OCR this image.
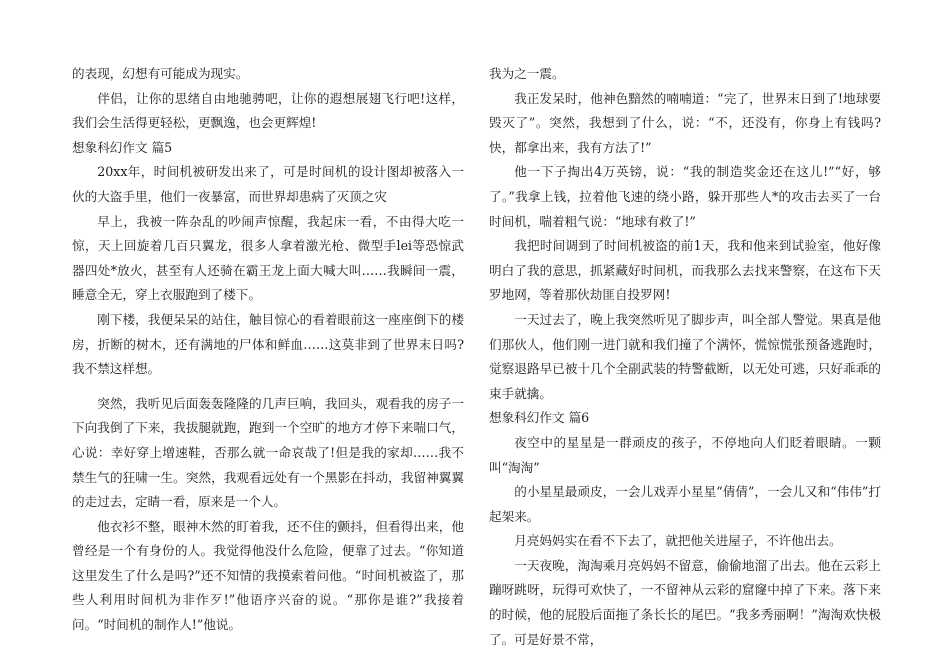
的表现，幻想有可能成为现实。

伴侣，让你的思绪自由地驰骋吧，让你的遐想展翅飞行吧!这样，我们会生活得更轻松，更飘逸，也会更辉煌!

想象科幻作文 篇5

20xx年，时间机被研发出来了，可是时间机的设计图却被落入一伙的大盗手里，他们一夜暴富，而世界却患病了灭顶之灾

早上，我被一阵杂乱的吵闹声惊醒，我起床一看，不由得大吃一惊，天上回旋着几百只翼龙，很多人拿着激光枪、微型手lei等恐惊武器四处*放火，甚至有人还骑在霸王龙上面大喊大叫……我瞬间一震，睡意全无，穿上衣服跑到了楼下。

刚下楼，我便呆呆的站住，触目惊心的看着眼前这一座座倒下的楼房，折断的树木，还有满地的尸体和鲜血……这莫非到了世界末日吗?我不禁这样想。

突然，我听见后面轰轰隆隆的几声巨响，我回头，观看我的房子一下向我倒了下来，我拔腿就跑，跑到一个空旷的地方才停下来喘口气，心说：幸好穿上增速鞋，否那么就一命哀哉了!但是我的家却……我不禁生气的狂啸一生。突然，我观看远处有一个黑影在抖动，我留神翼翼的走过去，定睛一看，原来是一个人。

他衣衫不整，眼神木然的盯着我，还不住的颤抖，但看得出来，他曾经是一个有身份的人。我觉得他没什么危险，便靠了过去。“你知道这里发生了什么是吗?”还不知情的我摸索着问他。“时间机被盗了，那些人利用时间机为非作歹!”他语序兴奋的说。“那你是谁?”我接着问。“时间机的制作人!”他说。

我为之一震。

我正发呆时，他神色黯然的喃喃道：“完了，世界末日到了!地球要毁灭了”。突然，我想到了什么，说：“不，还没有，你身上有钱吗?快，都拿出来，我有方法了!”

他一下子掏出4万英镑，说：“我的制造奖金还在这儿!”“好，够了。”我拿上钱，拉着他飞速的绕小路，躲开那些人*的攻击去买了一台时间机，喘着粗气说：“地球有救了!”

我把时间调到了时间机被盗的前1天，我和他来到试验室，他好像明白了我的意思，抓紧藏好时间机，而我那么去找来警察，在这布下天罗地网，等着那伙劫匪自投罗网!

一天过去了，晚上我突然听见了脚步声，叫全部人警觉。果真是他们那伙人，他们刚一进门就和我们撞了个满怀，慌惊慌张预备逃跑时，觉察退路早已被十几个全副武装的特警截断，以无处可逃，只好乖乖的束手就擒。

想象科幻作文 篇6

夜空中的星星是一群顽皮的孩子，不停地向人们眨着眼睛。一颗叫“淘淘”

的小星星最顽皮，一会儿戏弄小星星“倩倩”，一会儿又和“伟伟”打起架来。

月亮妈妈实在看不下去了，就把他关进屋子，不许他出去。

一天夜晚，淘淘乘月亮妈妈不留意，偷偷地溜了出去。他在云彩上蹦呀跳呀，玩得可欢快了，一不留神从云彩的窟窿中掉了下来。落下来的时候，他的屁股后面拖了条长长的尾巴。“我多秀丽啊！”淘淘欢快极了。可是好景不常，
